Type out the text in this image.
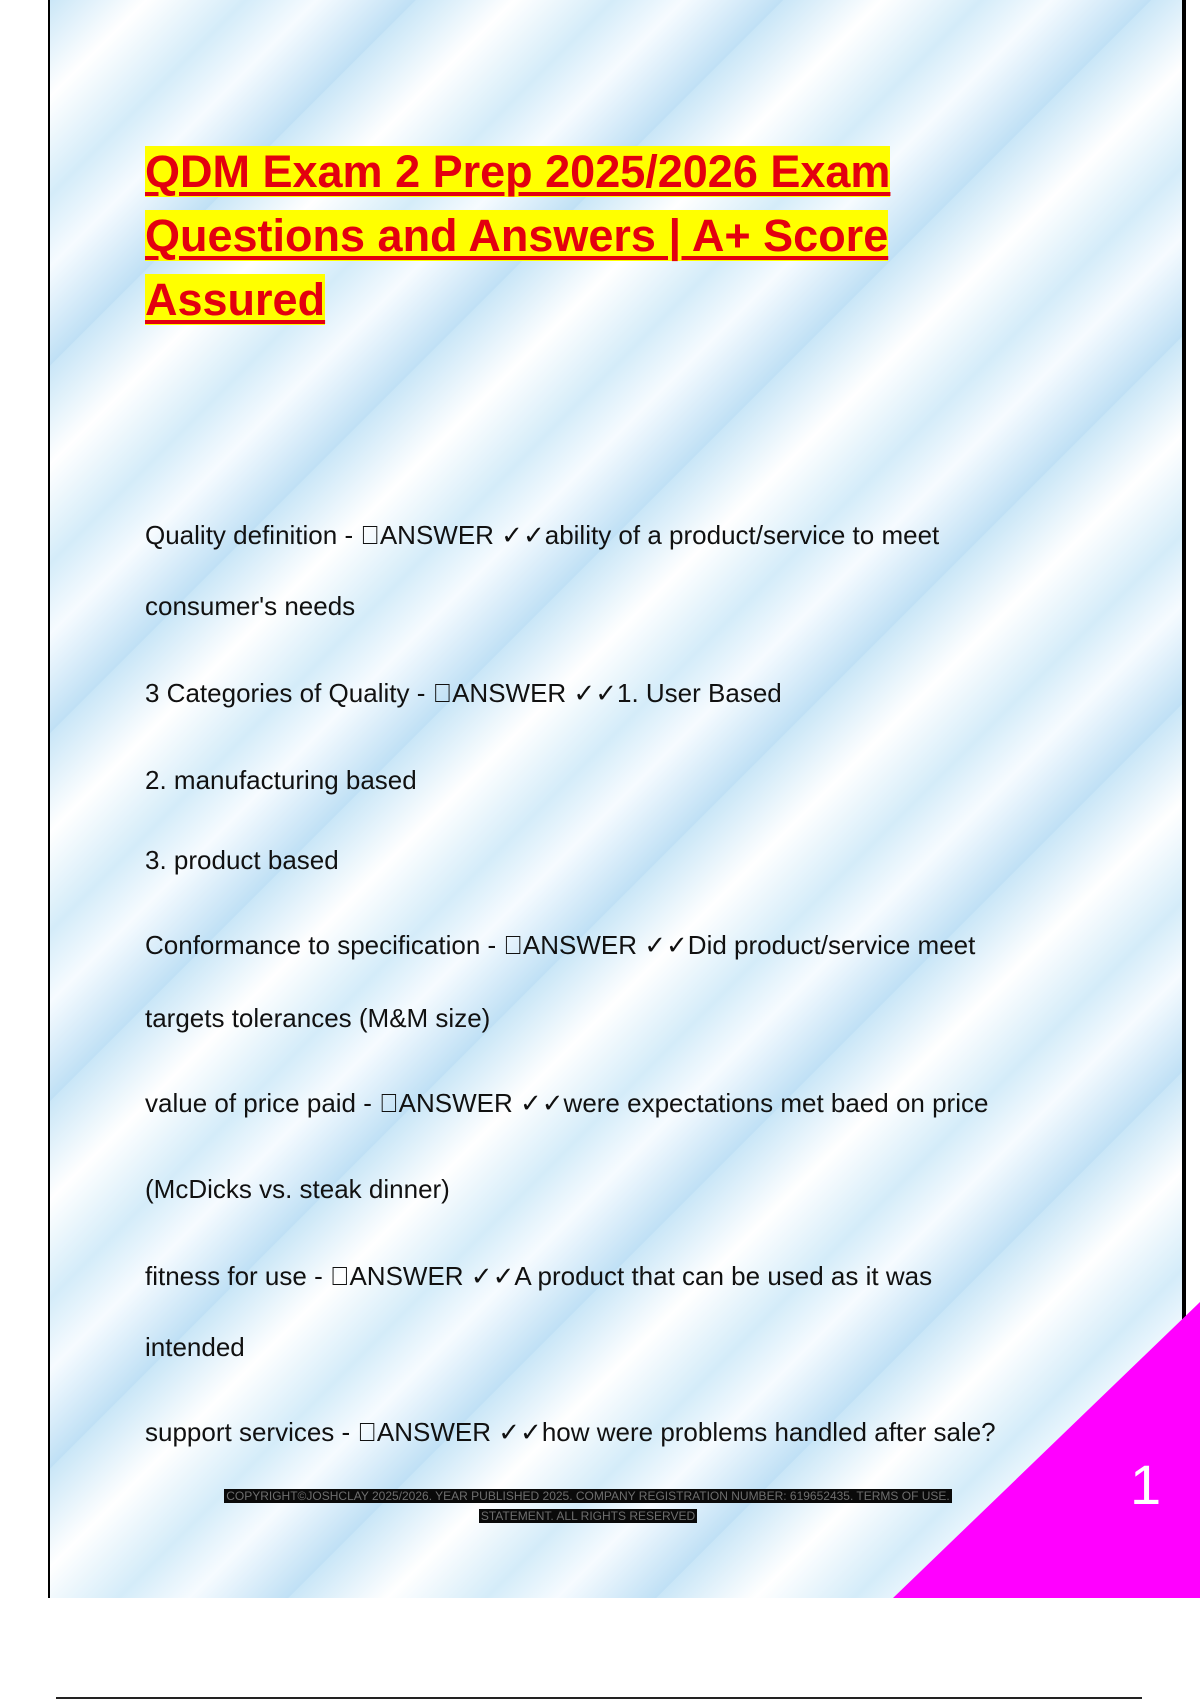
QDM Exam 2 Prep 2025/2026 Exam Questions and Answers | A+ Score Assured
Quality definition -  ANSWER ✓✓ability of a product/service to meet
consumer's needs
3 Categories of Quality -  ANSWER ✓✓1. User Based
2. manufacturing based
3. product based
Conformance to specification -  ANSWER ✓✓Did product/service meet
targets tolerances (M&M size)
value of price paid -  ANSWER ✓✓were expectations met baed on price
(McDicks vs. steak dinner)
fitness for use -  ANSWER ✓✓A product that can be used as it was
intended
support services -  ANSWER ✓✓how were problems handled after sale?
1
COPYRIGHT©JOSHCLAY 2025/2026. YEAR PUBLISHED 2025. COMPANY REGISTRATION NUMBER: 619652435. TERMS OF USE.
STATEMENT. ALL RIGHTS RESERVED
